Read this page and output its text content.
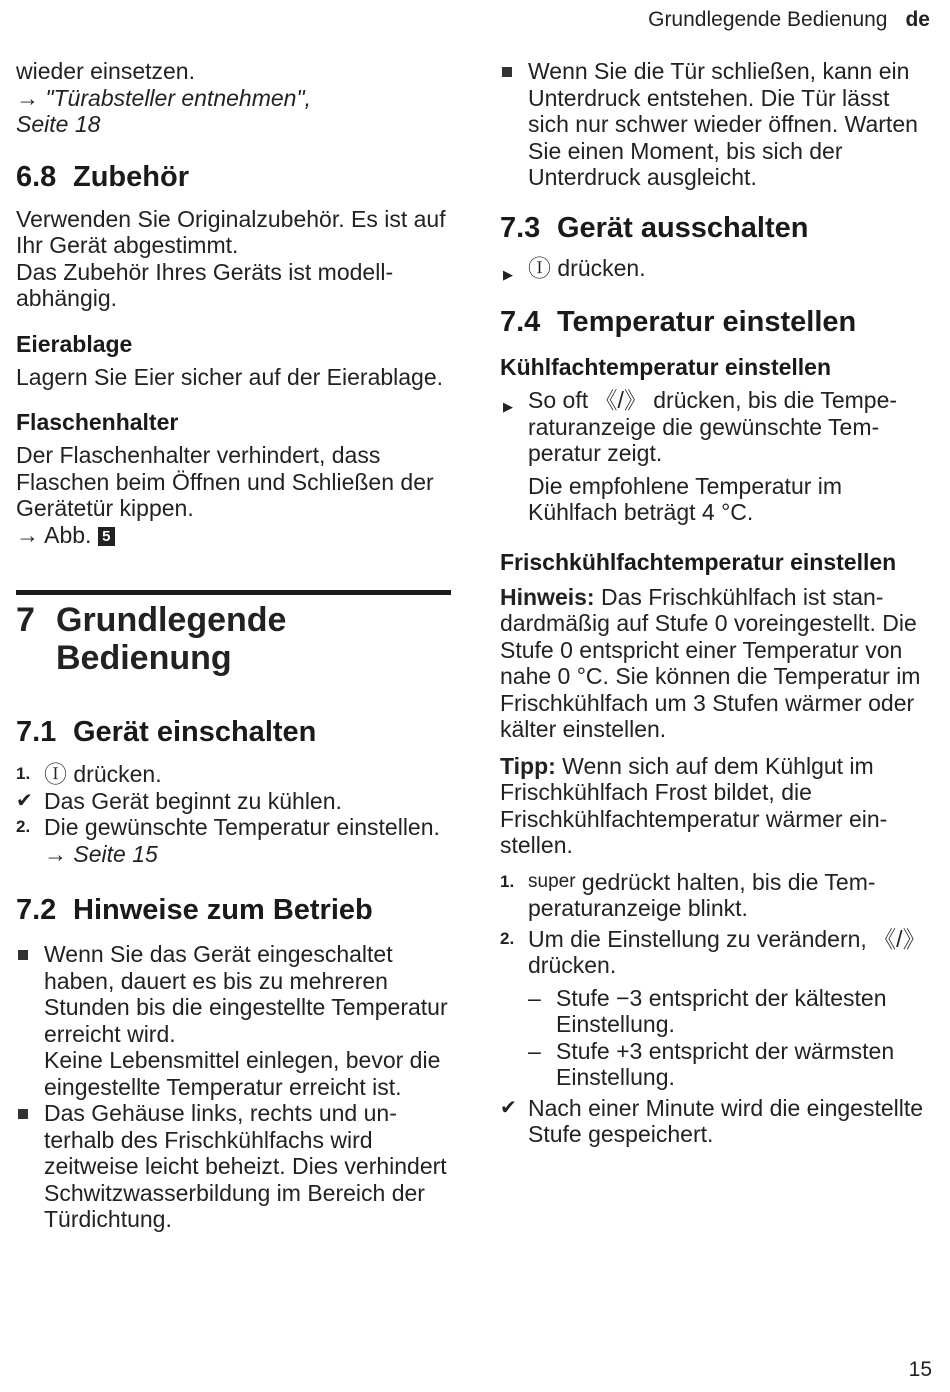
Grundlegende Bedienung de

wieder einsetzen.

→ "Türabsteller entnehmen",

Seite 18

6.8 Zubehör

Verwenden Sie Originalzubehör. Es ist auf Ihr Gerät abgestimmt.

Das Zubehör Ihres Geräts ist modellabhängig.

Eierablage

Lagern Sie Eier sicher auf der Eierablage.

Flaschenhalter

Der Flaschenhalter verhindert, dass Flaschen beim Öffnen und Schließen der Gerätetür kippen.

→ Abb. 5

7 Grundlegende
Bedienung
7.1 Gerät einschalten
1. Ⓘ drücken.
✔ Das Gerät beginnt zu kühlen.
2. Die gewünschte Temperatur einstellen. → Seite 15
7.2 Hinweise zum Betrieb
Wenn Sie das Gerät eingeschaltet haben, dauert es bis zu mehreren Stunden bis die eingestellte Temperatur erreicht wird.
Keine Lebensmittel einlegen, bevor die eingestellte Temperatur erreicht ist.
Das Gehäuse links, rechts und unterhalb des Frischkühlfachs wird zeitweise leicht beheizt. Dies verhindert Schwitzwasserbildung im Bereich der Türdichtung.
Wenn Sie die Tür schließen, kann ein Unterdruck entstehen. Die Tür lässt sich nur schwer wieder öffnen. Warten Sie einen Moment, bis sich der Unterdruck ausgleicht.
7.3 Gerät ausschalten
▶ Ⓘ drücken.
7.4 Temperatur einstellen
Kühlfachtemperatur einstellen
▶ So oft 《/》 drücken, bis die Temperaturanzeige die gewünschte Temperatur zeigt.

Die empfohlene Temperatur im Kühlfach beträgt 4 °C.

Frischkühlfachtemperatur einstellen

Hinweis: Das Frischkühlfach ist standardmäßig auf Stufe 0 voreingestellt. Die Stufe 0 entspricht einer Temperatur von nahe 0 °C. Sie können die Temperatur im Frischkühlfach um 3 Stufen wärmer oder kälter einstellen.

Tipp: Wenn sich auf dem Kühlgut im Frischkühlfach Frost bildet, die Frischkühlfachtemperatur wärmer einstellen.

1. super gedrückt halten, bis die Temperaturanzeige blinkt.
2. Um die Einstellung zu verändern, 《/》 drücken.
– Stufe −3 entspricht der kältesten Einstellung.
– Stufe +3 entspricht der wärmsten Einstellung.
✔ Nach einer Minute wird die eingestellte Stufe gespeichert.
15
